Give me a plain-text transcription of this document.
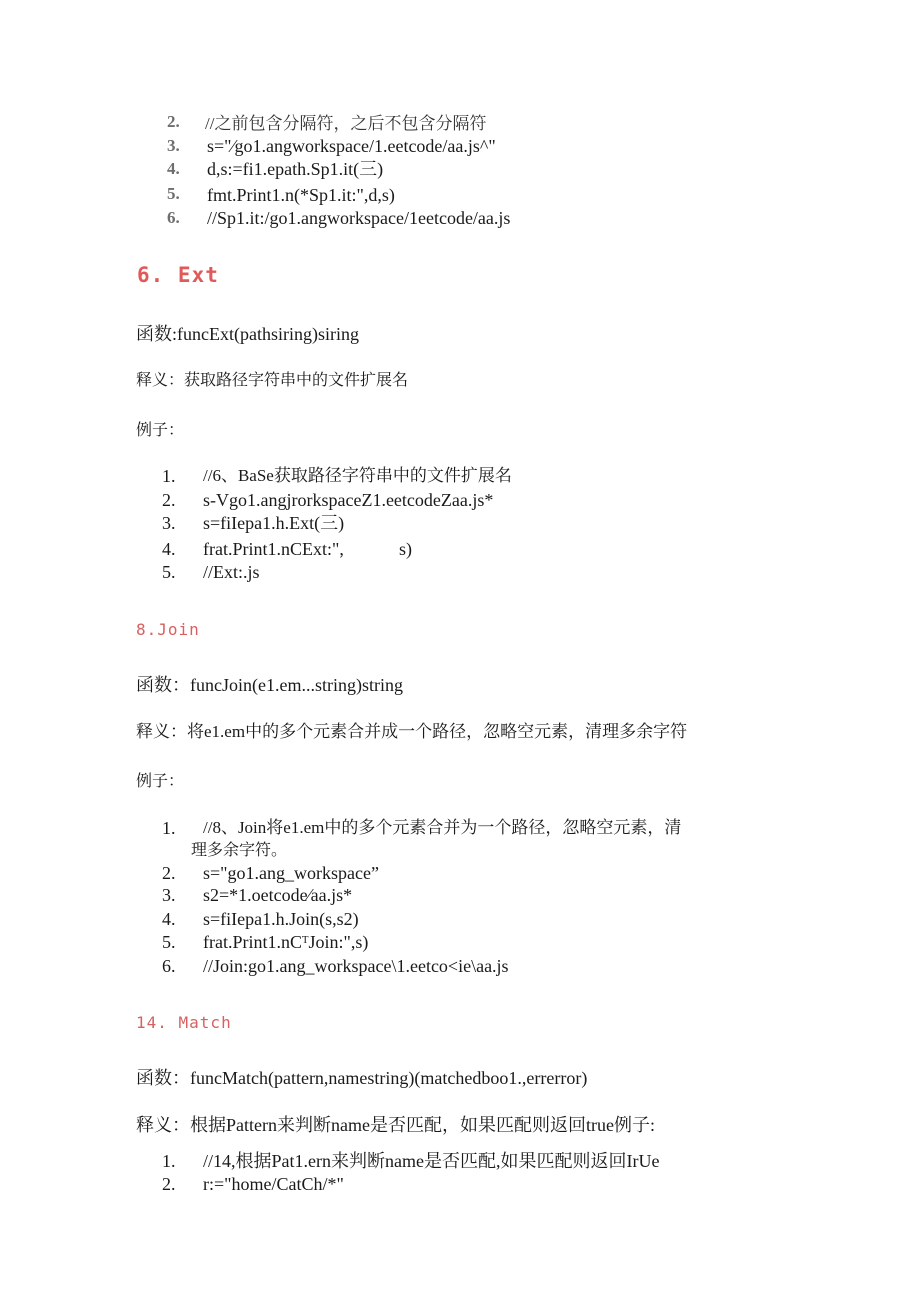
2. //之前包含分隔符，之后不包含分隔符
3. s="⁄go1.angworkspace/1.eetcode/aa.js^"
4. d,s:=fi1.epath.Sp1.it(三)
5. fmt.Print1.n(*Sp1.it:",d,s)
6. //Sp1.it:/go1.angworkspace/1eetcode/aa.js
6. Ext
函数:funcExt(pathsiring)siring
释义：获取路径字符串中的文件扩展名
例子：
1. //6、BaSe获取路径字符串中的文件扩展名
2. s-Vgo1.angjrorkspaceZ1.eetcodeZaa.js*
3. s=fiIepa1.h.Ext(三)
4. frat.Print1.nCExt:",	s)
5. //Ext:.js
8.Join
函数：funcJoin(e1.em...string)string
释义：将e1.em中的多个元素合并成一个路径，忽略空元素，清理多余字符
例子：
1. //8、Join将e1.em中的多个元素合并为一个路径，忽略空元素，清
理多余字符。
2. s="go1.ang_workspace”
3. s2=*1.oetcode⁄aa.js*
4. s=fiIepa1.h.Join(s,s2)
5. frat.Print1.nCᵀJoin:",s)
6. //Join:go1.ang_workspace\1.eetco<ie\aa.js
14. Match
函数：funcMatch(pattern,namestring)(matchedboo1.,errerror)
释义：根据Pattern来判断name是否匹配，如果匹配则返回true例子:
1. //14,根据Pat1.ern来判断name是否匹配,如果匹配则返回IrUe
2. r:="home/CatCh/*"
